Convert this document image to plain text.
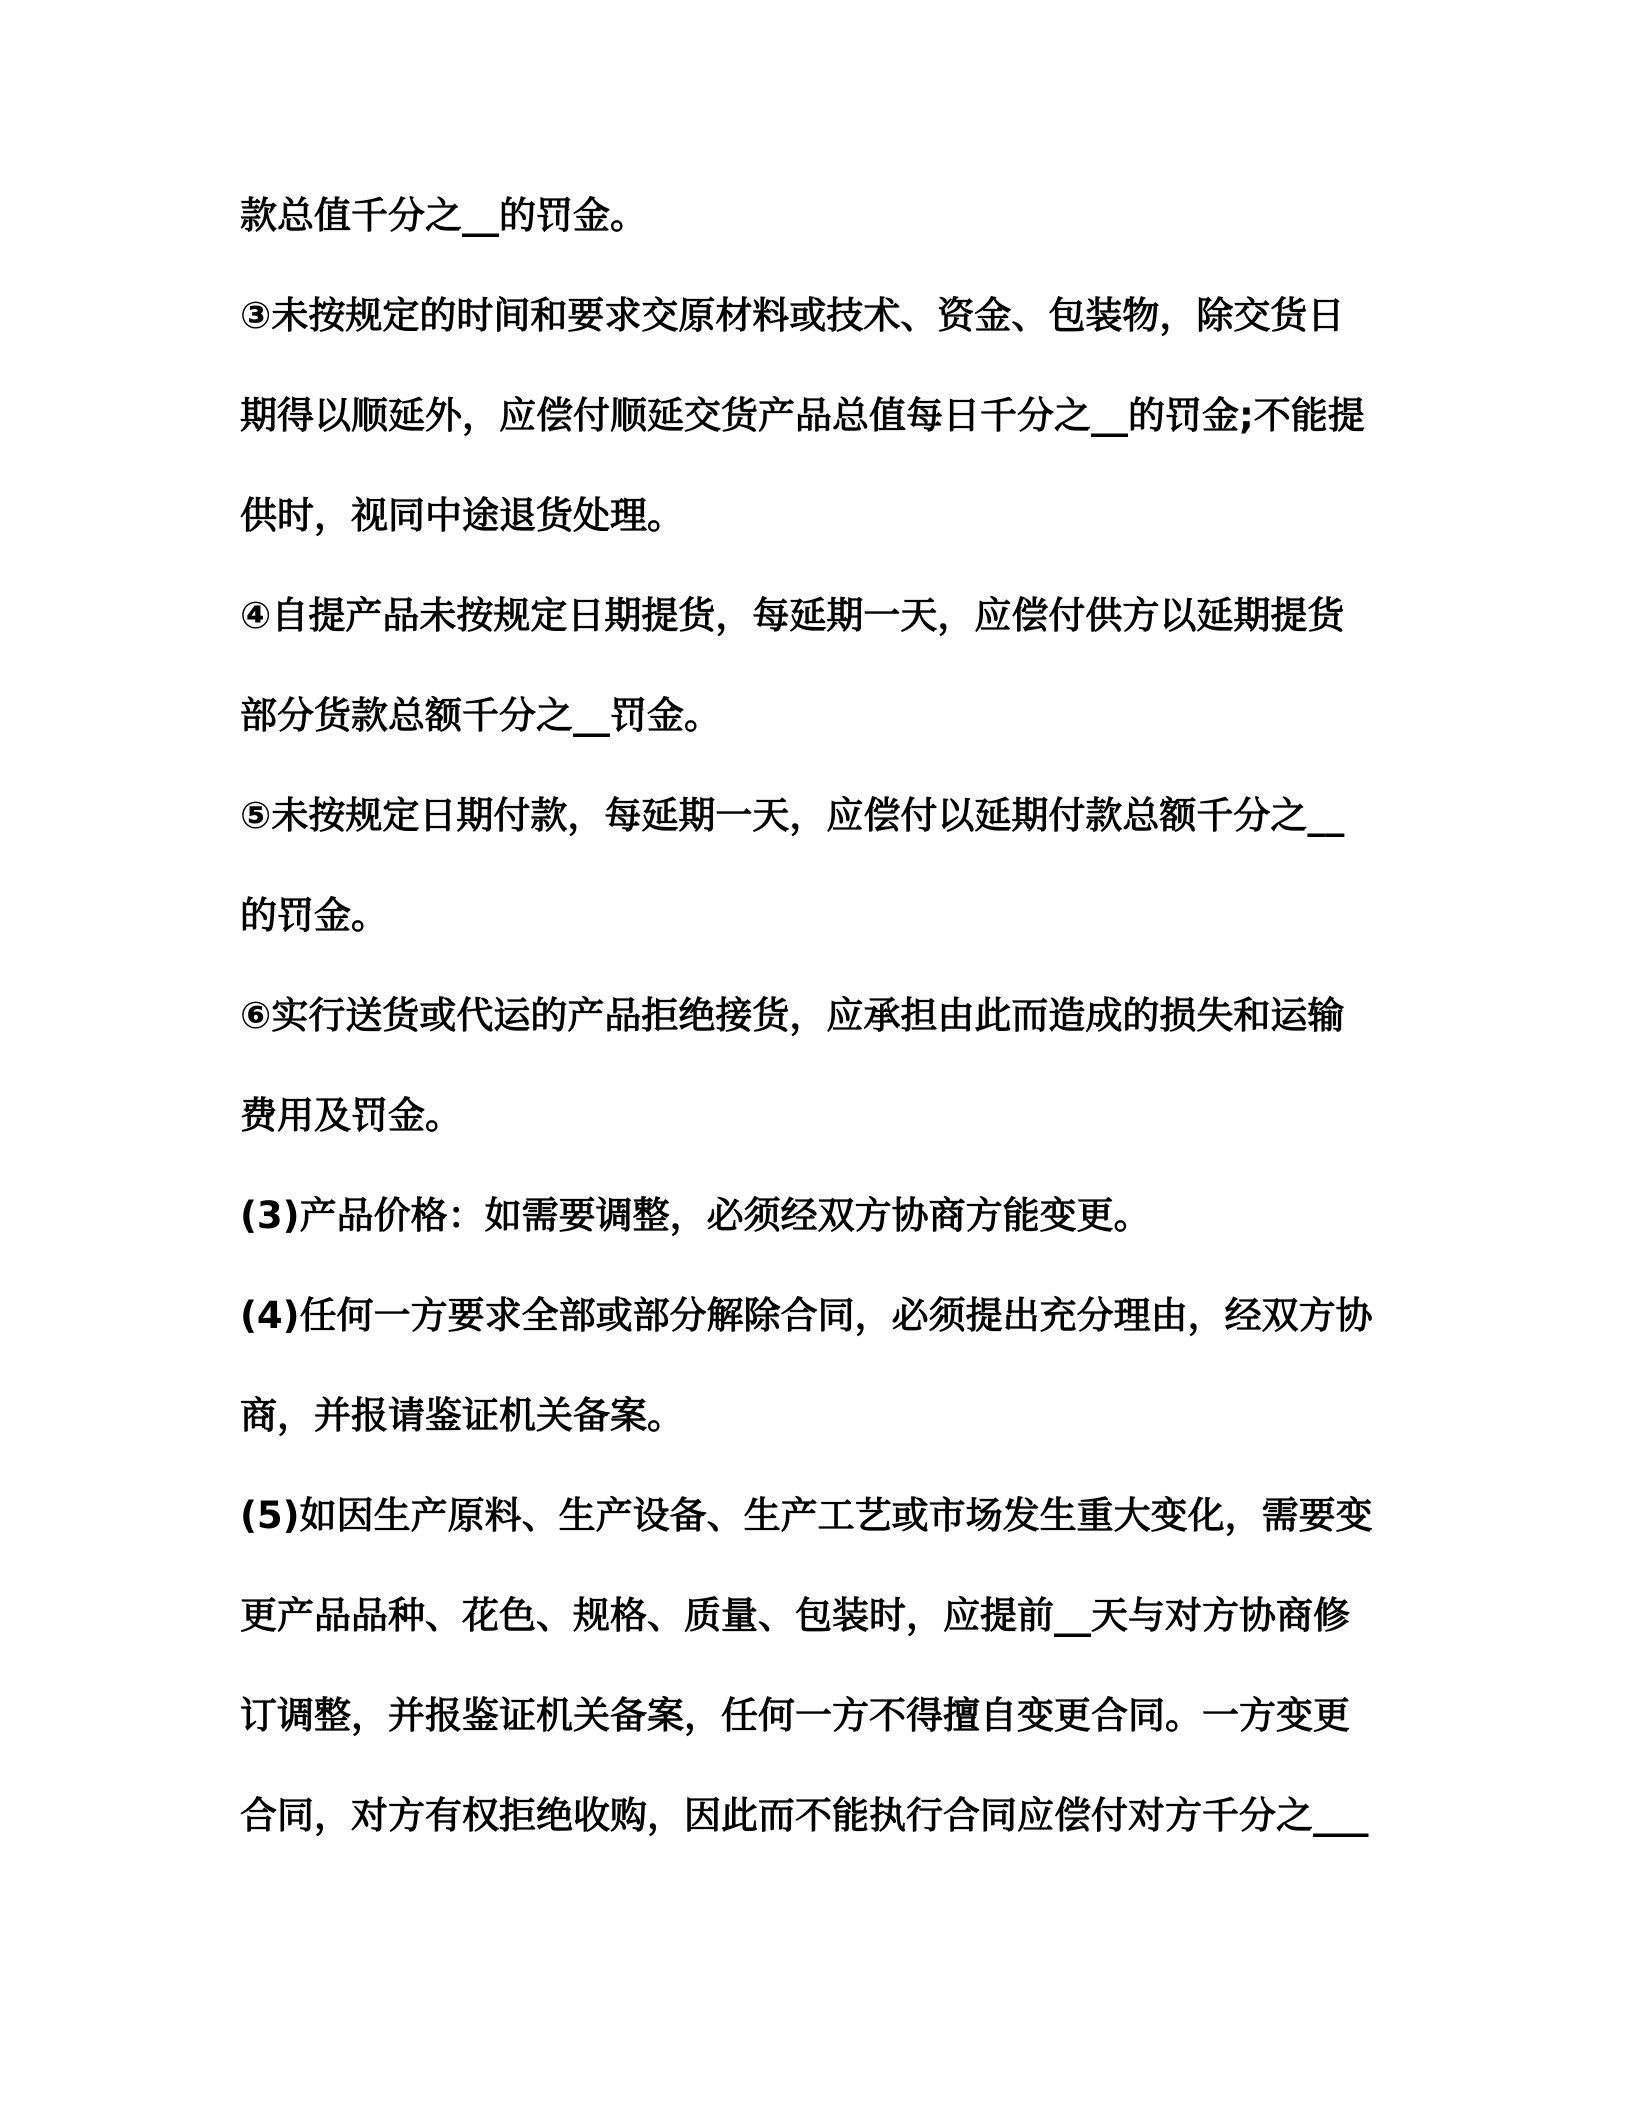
款总值千分之__的罚金。
③未按规定的时间和要求交原材料或技术、资金、包装物，除交货日
期得以顺延外，应偿付顺延交货产品总值每日千分之__的罚金;不能提
供时，视同中途退货处理。
④自提产品未按规定日期提货，每延期一天，应偿付供方以延期提货
部分货款总额千分之__罚金。
⑤未按规定日期付款，每延期一天，应偿付以延期付款总额千分之__
的罚金。
⑥实行送货或代运的产品拒绝接货，应承担由此而造成的损失和运输
费用及罚金。
(3)产品价格：如需要调整，必须经双方协商方能变更。
(4)任何一方要求全部或部分解除合同，必须提出充分理由，经双方协
商，并报请鉴证机关备案。
(5)如因生产原料、生产设备、生产工艺或市场发生重大变化，需要变
更产品品种、花色、规格、质量、包装时，应提前__天与对方协商修
订调整，并报鉴证机关备案，任何一方不得擅自变更合同。一方变更
合同，对方有权拒绝收购，因此而不能执行合同应偿付对方千分之___
